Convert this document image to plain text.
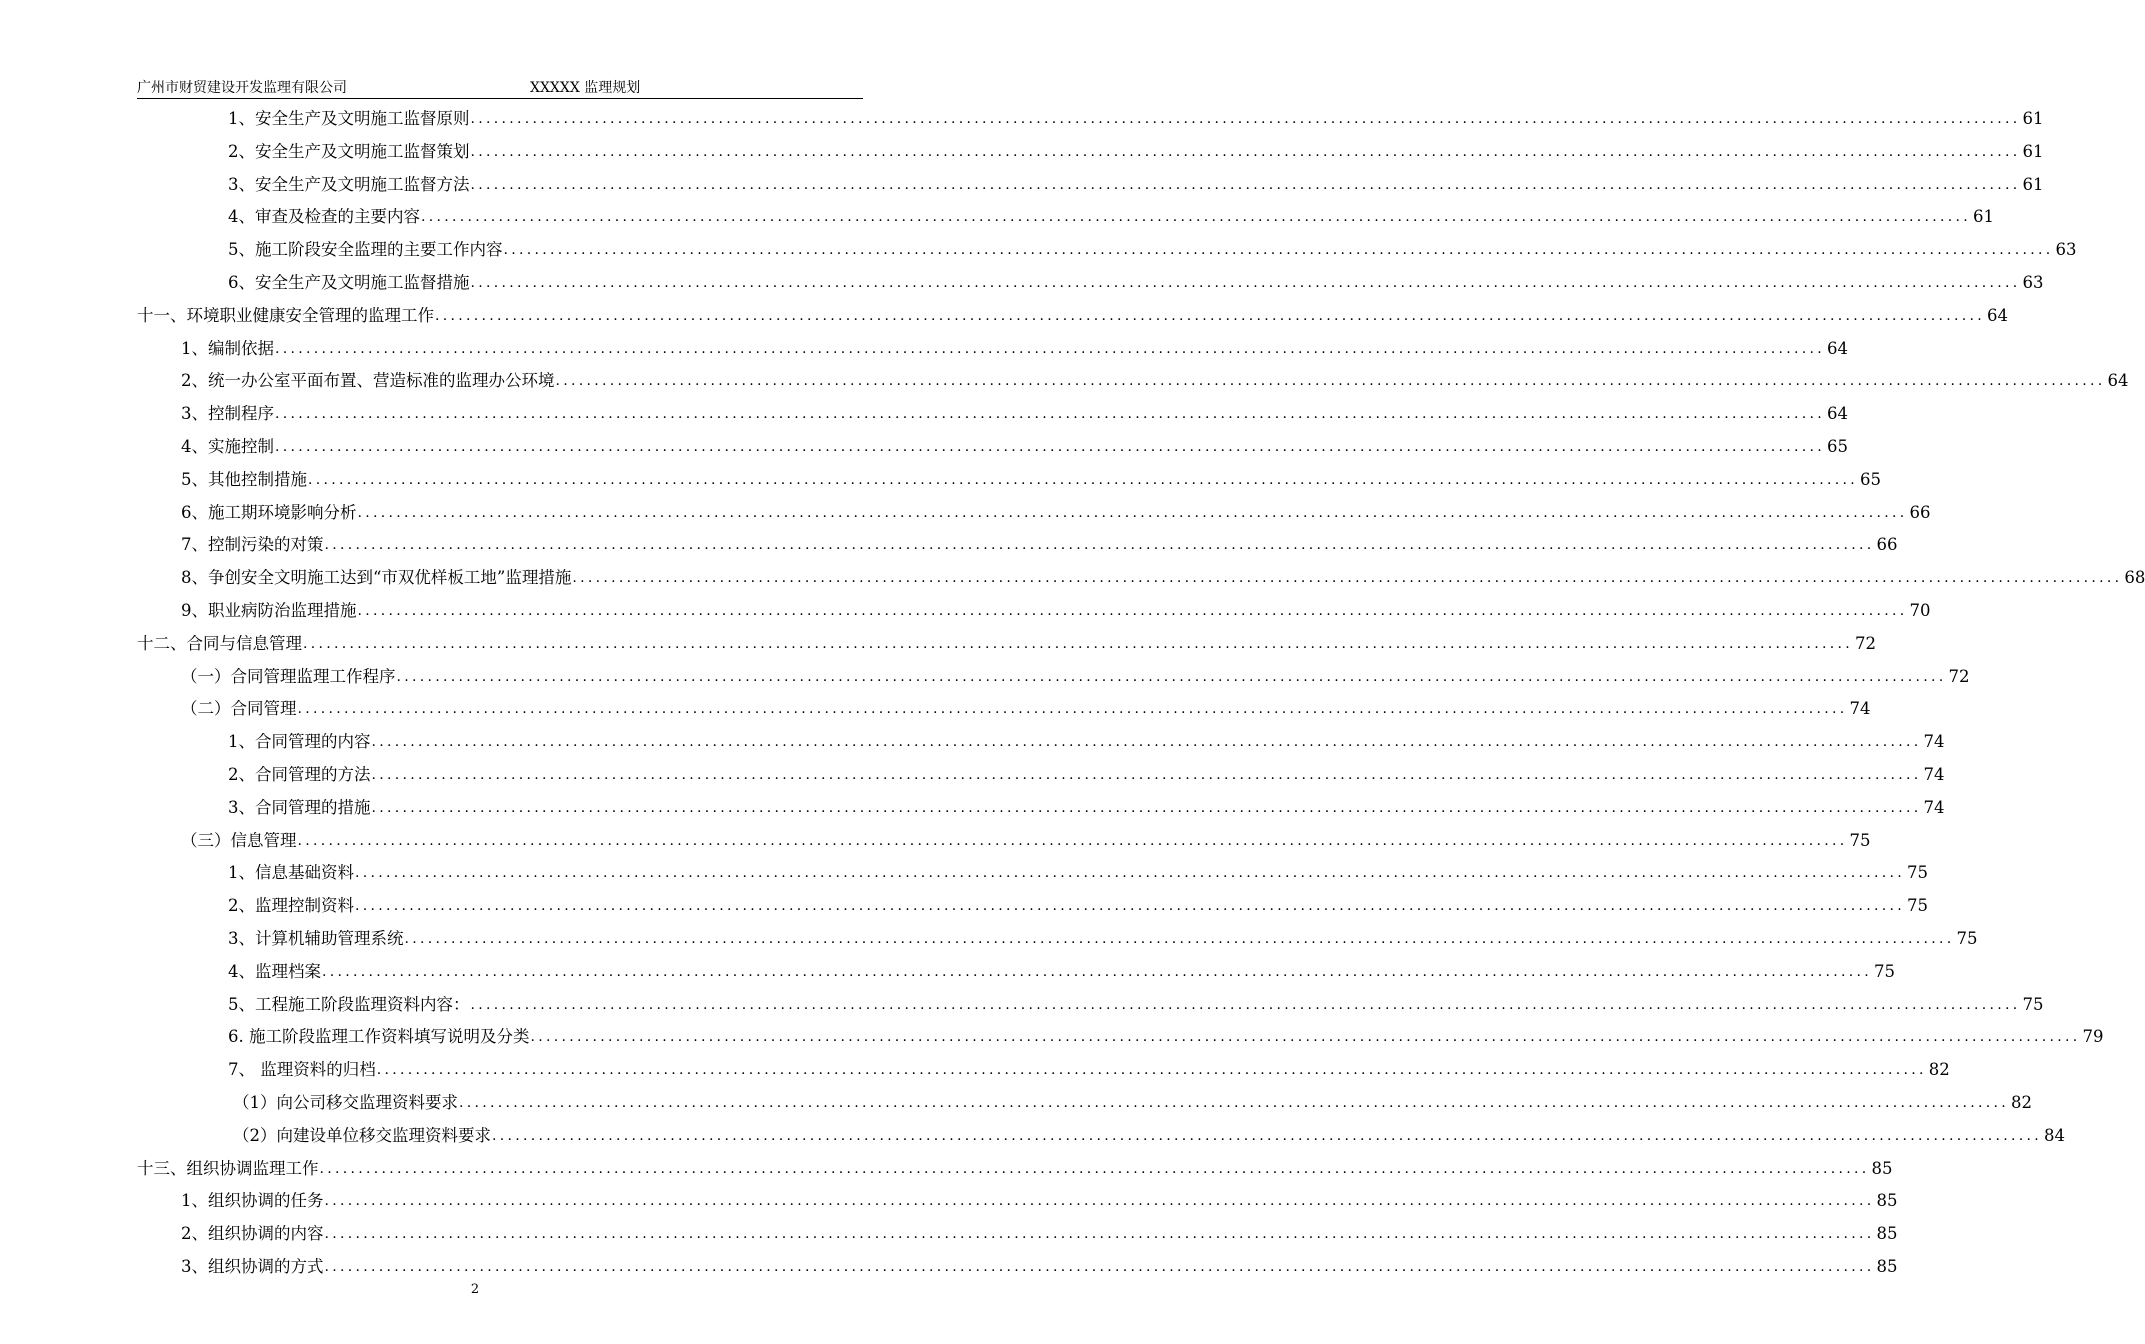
广州市财贸建设开发监理有限公司	XXXXX 监理规划
1、安全生产及文明施工监督原则 ........................................................................................................................................................................................................ 61
2、安全生产及文明施工监督策划 ........................................................................................................................................................................................................ 61
3、安全生产及文明施工监督方法 ........................................................................................................................................................................................................ 61
4、审查及检查的主要内容 ........................................................................................................................................................................................................ 61
5、施工阶段安全监理的主要工作内容 ........................................................................................................................................................................................................ 63
6、安全生产及文明施工监督措施 ........................................................................................................................................................................................................ 63
十一、环境职业健康安全管理的监理工作 ........................................................................................................................................................................................................ 64
1、编制依据 ........................................................................................................................................................................................................ 64
2、统一办公室平面布置、营造标准的监理办公环境 ........................................................................................................................................................................................................ 64
3、控制程序 ........................................................................................................................................................................................................ 64
4、实施控制 ........................................................................................................................................................................................................ 65
5、其他控制措施 ........................................................................................................................................................................................................ 65
6、施工期环境影响分析 ........................................................................................................................................................................................................ 66
7、控制污染的对策 ........................................................................................................................................................................................................ 66
8、争创安全文明施工达到“市双优样板工地”监理措施 ........................................................................................................................................................................................................ 68
9、职业病防治监理措施 ........................................................................................................................................................................................................ 70
十二、合同与信息管理 ........................................................................................................................................................................................................ 72
（一）合同管理监理工作程序 ........................................................................................................................................................................................................ 72
（二）合同管理 ........................................................................................................................................................................................................ 74
1、合同管理的内容 ........................................................................................................................................................................................................ 74
2、合同管理的方法 ........................................................................................................................................................................................................ 74
3、合同管理的措施 ........................................................................................................................................................................................................ 74
（三）信息管理 ........................................................................................................................................................................................................ 75
1、信息基础资料 ........................................................................................................................................................................................................ 75
2、监理控制资料 ........................................................................................................................................................................................................ 75
3、计算机辅助管理系统 ........................................................................................................................................................................................................ 75
4、监理档案 ........................................................................................................................................................................................................ 75
5、工程施工阶段监理资料内容： ........................................................................................................................................................................................................ 75
6. 施工阶段监理工作资料填写说明及分类 ........................................................................................................................................................................................................ 79
7、 监理资料的归档 ........................................................................................................................................................................................................ 82
（1）向公司移交监理资料要求 ........................................................................................................................................................................................................ 82
（2）向建设单位移交监理资料要求 ........................................................................................................................................................................................................ 84
十三、组织协调监理工作 ........................................................................................................................................................................................................ 85
1、组织协调的任务 ........................................................................................................................................................................................................ 85
2、组织协调的内容 ........................................................................................................................................................................................................ 85
3、组织协调的方式 ........................................................................................................................................................................................................ 85
2
